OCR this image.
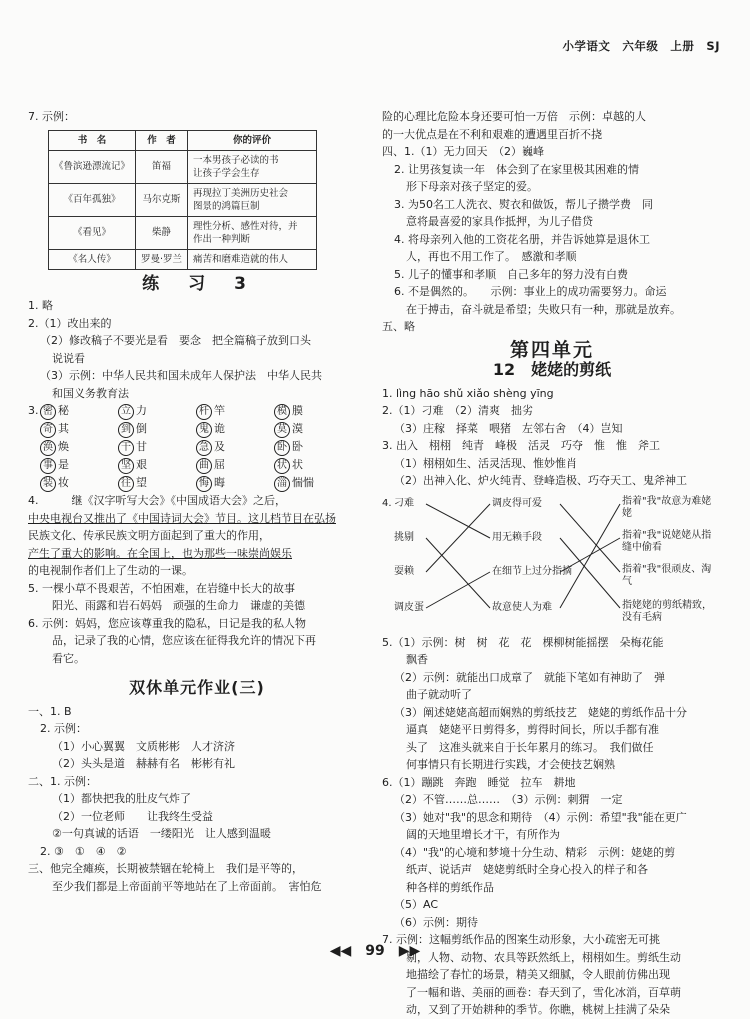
小学语文　六年级　上册　SJ
7. 示例：
书　名	作　者	你的评价
《鲁滨逊漂流记》	笛福	一本男孩子必读的书
让孩子学会生存
《百年孤独》	马尔克斯	再现拉丁美洲历史社会
图景的鸿篇巨制
《看见》	柴静	理性分析、感性对待，并
作出一种判断
《名人传》	罗曼·罗兰	痛苦和磨难造就的伟人
练　习　3
1. 略
2.（1）改出来的
（2）修改稿子不要光是看　要念　把全篇稿子放到口头
说说看
（3）示例：中华人民共和国未成年人保护法　中华人民共
和国义务教育法
3. 密 秘	立 力	杆 竿	模 膜
奇 其	到 倒	鬼 诡	莫 漠
涣 焕	干 甘	急 及	卧 卧
事 是	坚 艰	曲 屈	状 状
装 妆	往 望	悔 晦	淄 惴惴
4.　　　继《汉字听写大会》《中国成语大会》之后，
中央电视台又推出了《中国诗词大会》节目。这儿档节目在弘扬
民族文化、传承民族文明方面起到了重大的作用，
产生了重大的影响。在全国上，也为那些一味崇尚娱乐
的电视制作者们上了生动的一课。
5. 一棵小草不畏艰苦，不怕困难，在岩缝中长大的故事
阳光、雨露和岩石妈妈　顽强的生命力　谦虚的美德
6. 示例：妈妈，您应该尊重我的隐私，日记是我的私人物
品，记录了我的心情，您应该在征得我允许的情况下再
看它。
双休单元作业(三)
一、1. B
2. 示例：
（1）小心翼翼　文质彬彬　人才济济
（2）头头是道　赫赫有名　彬彬有礼
二、1. 示例：
（1）都快把我的肚皮气炸了
（2）一位老师　　让我终生受益
②一句真诚的话语　一缕阳光　让人感到温暖
2. ③　①　④　②
三、他完全瘫痪，长期被禁锢在轮椅上　我们是平等的，
至少我们都是上帝面前平等地站在了上帝面前。　害怕危
险的心理比危险本身还要可怕一万倍　示例：卓越的人
的一大优点是在不利和艰难的遭遇里百折不挠
四、1.（1）无力回天　（2）巍峰
2. 让男孩复读一年　体会到了在家里极其困难的情
形下母亲对孩子坚定的爱。
3. 为50名工人洗衣、熨衣和做饭，帮儿子攒学费　同
意将最喜爱的家具作抵押，为儿子借贷
4. 将母亲列入他的工资花名册，并告诉她算是退休工
人，再也不用工作了。　感激和孝顺
5. 儿子的懂事和孝顺　自己多年的努力没有白费
6. 不是偶然的。　　示例：事业上的成功需要努力。命运
在于搏击，奋斗就是希望；失败只有一种，那就是放弃。
五、略
第四单元
12　姥姥的剪纸
1. lìng hāo shǔ xiǎo shèng yīng
2.（1）刁难　（2）清爽　拙劣
（3）庄稼　择菜　喂猪　左邻右舍　（4）岂知
3. 出入　栩栩　纯青　峰极　活灵　巧夺　惟　惟　斧工
（1）栩栩如生、活灵活现、惟妙惟肖
（2）出神入化、炉火纯青、登峰造极、巧夺天工、鬼斧神工
4. 刁难
挑剔
耍赖
调皮蛋
调皮得可爱
用无赖手段
在细节上过分指摘
故意使人为难
指着"我"故意为难姥姥
指着"我"说姥姥从指缝中偷看
指着"我"很顽皮、淘气
指姥姥的剪纸精致，没有毛病
5.（1）示例：树　树　花　花　棵柳树能摇摆　朵梅花能
飘香
（2）示例：就能出口成章了　就能下笔如有神助了　弹
曲子就动听了
（3）阐述姥姥高超而娴熟的剪纸技艺　姥姥的剪纸作品十分
逼真　姥姥平日剪得多，剪得时间长，所以手都有准
头了　这准头就来自于长年累月的练习。　我们做任
何事情只有长期进行实践，才会使技艺娴熟
6.（1）蹦跳　奔跑　睡觉　拉车　耕地
（2）不管……总……　（3）示例：刺猬　一定
（3）她对"我"的思念和期待　（4）示例：希望"我"能在更广
阔的天地里增长才干，有所作为
（4）"我"的心境和梦境十分生动、精彩　示例：姥姥的剪
纸声、说话声　姥姥剪纸时全身心投入的样子和各
种各样的剪纸作品
（5）AC
（6）示例：期待
7. 示例：这幅剪纸作品的图案生动形象，大小疏密无可挑
剔，人物、动物、农具等跃然纸上，栩栩如生。剪纸生动
地描绘了春忙的场景，精美又细腻，令人眼前仿佛出现
了一幅和谐、美丽的画卷：春天到了，雪化冰消，百草萌
动，又到了开始耕种的季节。你瞧，桃树上挂满了朵朵
◀◀　99　▶▶
